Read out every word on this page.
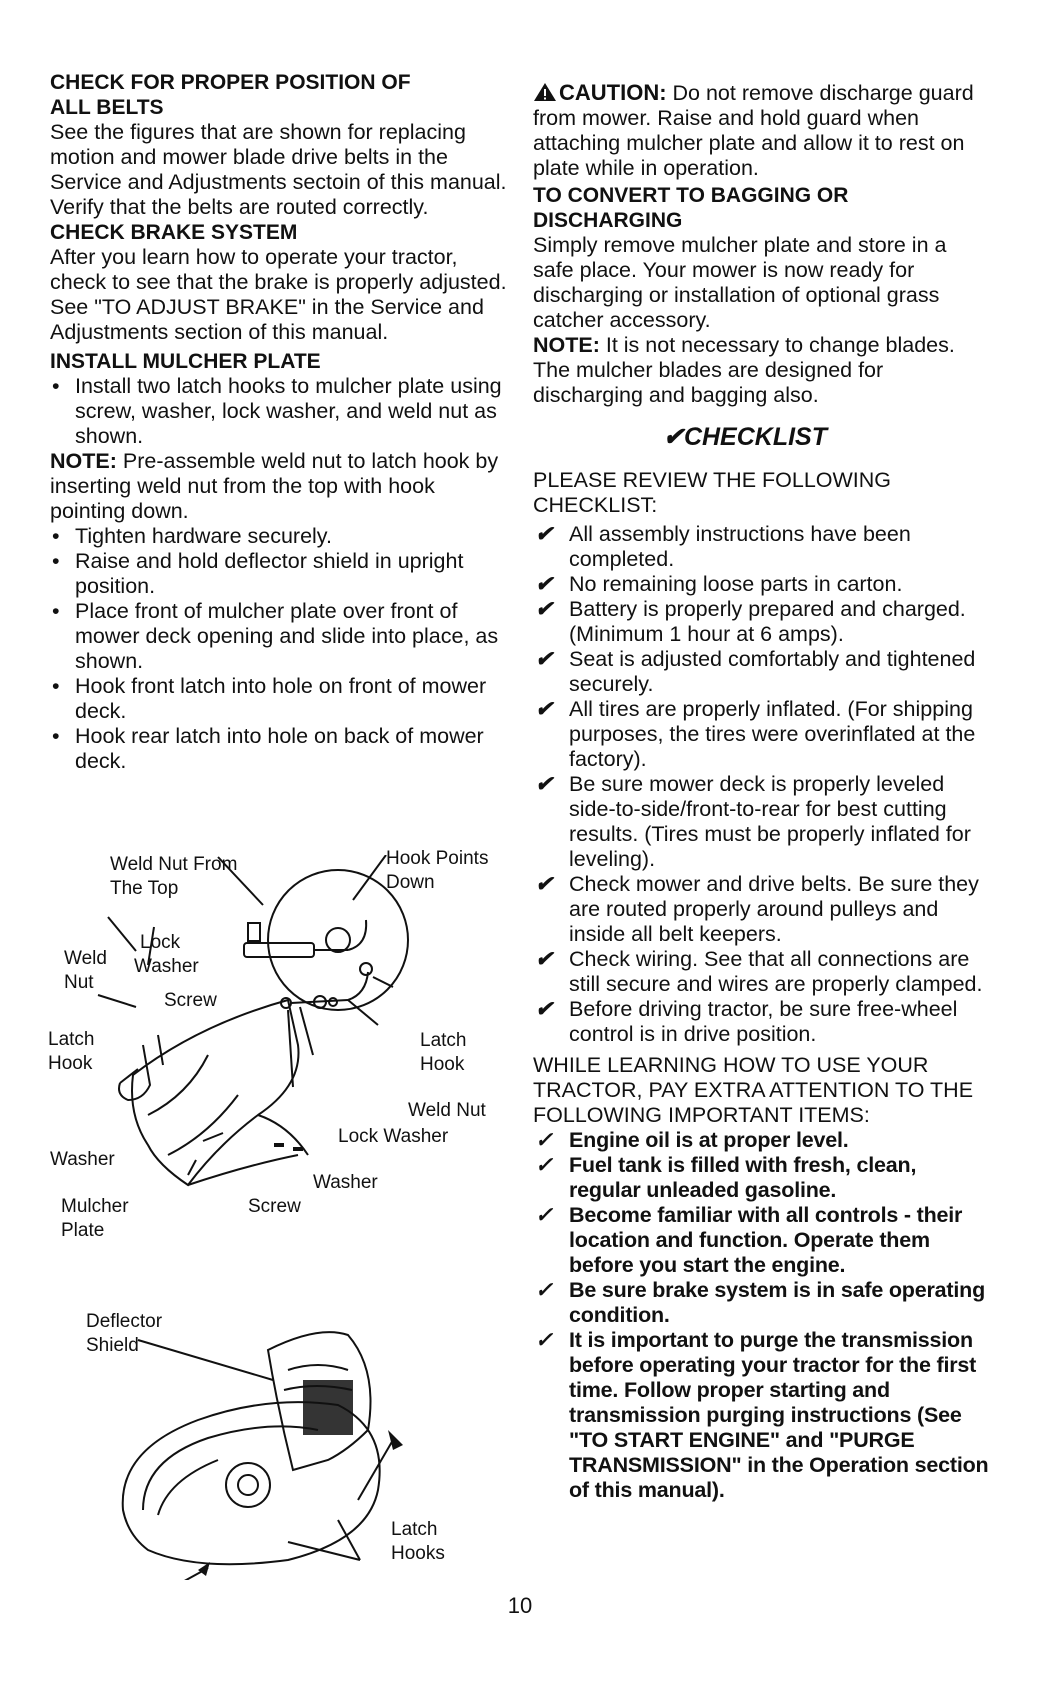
CHECK FOR PROPER POSITION OF
ALL BELTS

See the figures that are shown for replacing motion and mower blade drive belts in the Service and Adjustments sectoin of this manual. Verify that the belts are routed correctly.

CHECK BRAKE SYSTEM

After you learn how to operate your tractor, check to see that the brake is properly adjusted. See "TO ADJUST BRAKE" in the Service and Adjustments section of this manual.

INSTALL MULCHER PLATE
• Install two latch hooks to mulcher plate using screw, washer, lock washer, and weld nut as shown.

NOTE: Pre-assemble weld nut to latch hook by inserting weld nut from the top with hook pointing down.

• Tighten hardware securely.
• Raise and hold deflector shield in upright position.
• Place front of mulcher plate over front of mower deck opening and slide into place, as shown.
• Hook front latch into hole on front of mower deck.
• Hook rear latch into hole on back of mower deck.
Weld Nut From
The Top
Hook Points
Down
Lock
Washer
Weld
Nut
Screw
Latch
Hook
Latch
Hook
Weld Nut
Lock Washer
Washer
Washer
Mulcher
Plate
Screw
Deflector
Shield
Latch
Hooks

CAUTION: Do not remove discharge guard from mower. Raise and hold guard when attaching mulcher plate and allow it to rest on plate while in operation.

TO CONVERT TO BAGGING OR
DISCHARGING

Simply remove mulcher plate and store in a safe place. Your mower is now ready for discharging or installation of optional grass catcher accessory.

NOTE: It is not necessary to change blades. The mulcher blades are designed for discharging and bagging also.

✔CHECKLIST

PLEASE REVIEW THE FOLLOWING CHECKLIST:

✔ All assembly instructions have been completed.
✔ No remaining loose parts in carton.
✔ Battery is properly prepared and charged. (Minimum 1 hour at 6 amps).
✔ Seat is adjusted comfortably and tightened securely.
✔ All tires are properly inflated. (For shipping purposes, the tires were overinflated at the factory).
✔ Be sure mower deck is properly leveled side-to-side/front-to-rear for best cutting results. (Tires must be properly inflated for leveling).
✔ Check mower and drive belts. Be sure they are routed properly around pulleys and inside all belt keepers.
✔ Check wiring. See that all connections are still secure and wires are properly clamped.
✔ Before driving tractor, be sure free-wheel control is in drive position.

WHILE LEARNING HOW TO USE YOUR TRACTOR, PAY EXTRA ATTENTION TO THE FOLLOWING IMPORTANT ITEMS:

✓ Engine oil is at proper level.
✓ Fuel tank is filled with fresh, clean, regular unleaded gasoline.
✓ Become familiar with all controls - their location and function. Operate them before you start the engine.
✓ Be sure brake system is in safe operating condition.
✓ It is important to purge the transmission before operating your tractor for the first time. Follow proper starting and transmission purging instructions (See "TO START ENGINE" and "PURGE TRANSMISSION" in the Operation section of this manual).
10
